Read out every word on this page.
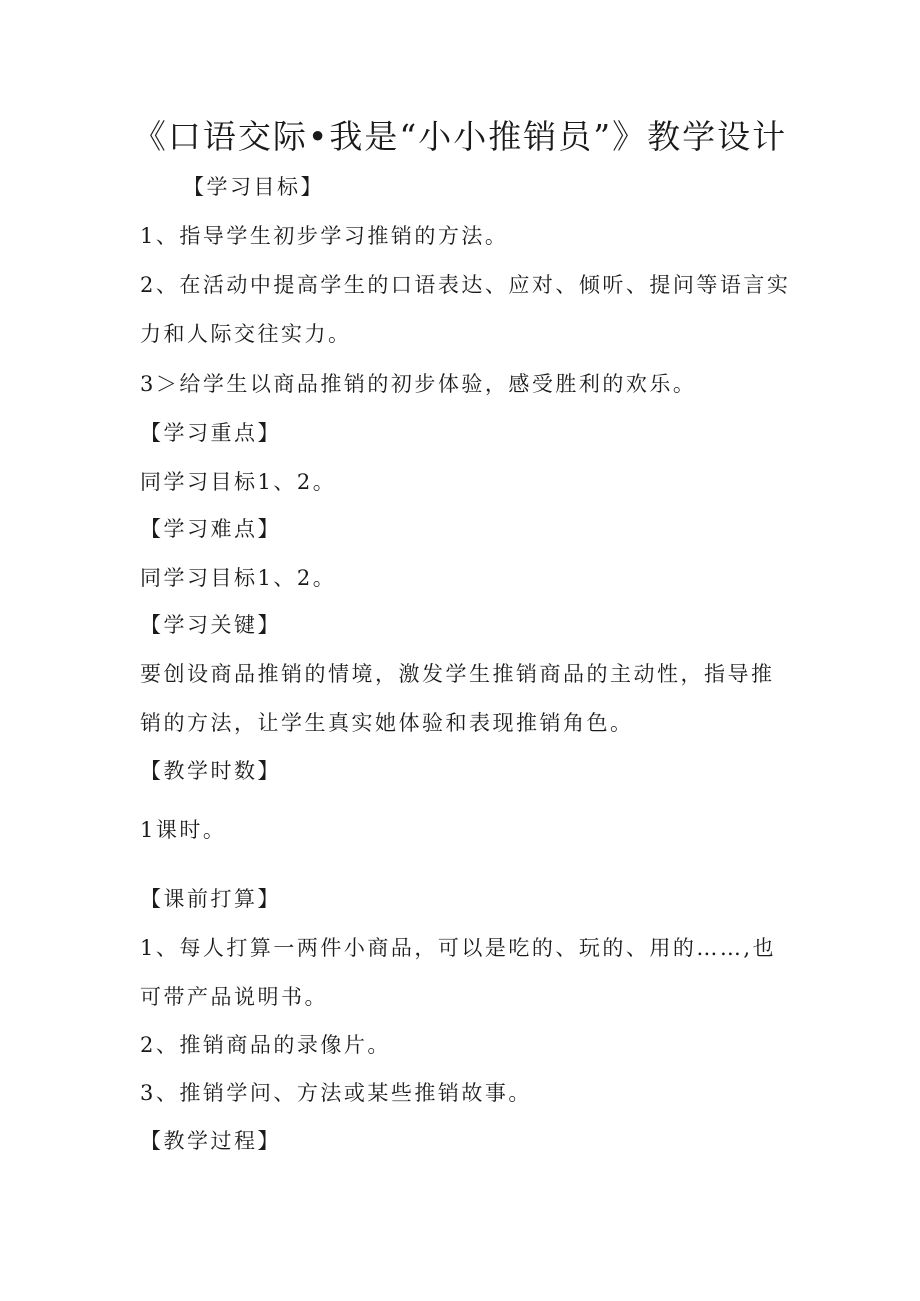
《口语交际•我是“小小推销员”》教学设计
【学习目标】
1、指导学生初步学习推销的方法。
2、在活动中提高学生的口语表达、应对、倾听、提问等语言实
力和人际交往实力。
3＞给学生以商品推销的初步体验，感受胜利的欢乐。
【学习重点】
同学习目标1、2。
【学习难点】
同学习目标1、2。
【学习关键】
要创设商品推销的情境，激发学生推销商品的主动性，指导推
销的方法，让学生真实她体验和表现推销角色。
【教学时数】
1课时。
【课前打算】
1、每人打算一两件小商品，可以是吃的、玩的、用的……,也
可带产品说明书。
2、推销商品的录像片。
3、推销学问、方法或某些推销故事。
【教学过程】
